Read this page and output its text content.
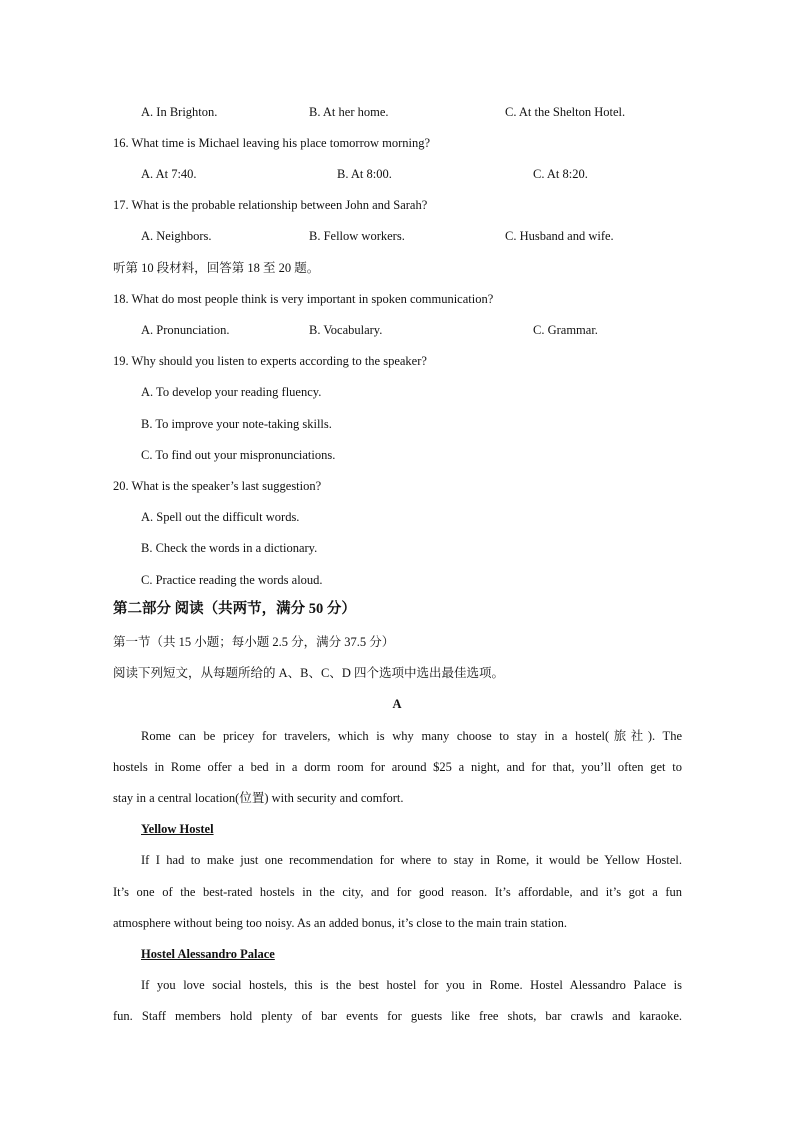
A. In Brighton.	B. At her home.	C. At the Shelton Hotel.
16. What time is Michael leaving his place tomorrow morning?
A. At 7:40.	B. At 8:00.	C. At 8:20.
17. What is the probable relationship between John and Sarah?
A. Neighbors.	B. Fellow workers.	C. Husband and wife.
听第 10 段材料，回答第 18 至 20 题。
18. What do most people think is very important in spoken communication?
A. Pronunciation.	B. Vocabulary.	C. Grammar.
19. Why should you listen to experts according to the speaker?
A. To develop your reading fluency.
B. To improve your note-taking skills.
C. To find out your mispronunciations.
20. What is the speaker’s last suggestion?
A. Spell out the difficult words.
B. Check the words in a dictionary.
C. Practice reading the words aloud.
第二部分 阅读（共两节，满分 50 分）
第一节（共 15 小题；每小题 2.5 分，满分 37.5 分）
阅读下列短文，从每题所给的 A、B、C、D 四个选项中选出最佳选项。
A
Rome can be pricey for travelers, which is why many choose to stay in a hostel(旅社). The
hostels in Rome offer a bed in a dorm room for around $25 a night, and for that, you’ll often get to
stay in a central location(位置) with security and comfort.
Yellow Hostel
If I had to make just one recommendation for where to stay in Rome, it would be Yellow Hostel.
It’s one of the best-rated hostels in the city, and for good reason. It’s affordable, and it’s got a fun
atmosphere without being too noisy. As an added bonus, it’s close to the main train station.
Hostel Alessandro Palace
If you love social hostels, this is the best hostel for you in Rome. Hostel Alessandro Palace is
fun. Staff members hold plenty of bar events for guests like free shots, bar crawls and karaoke.
